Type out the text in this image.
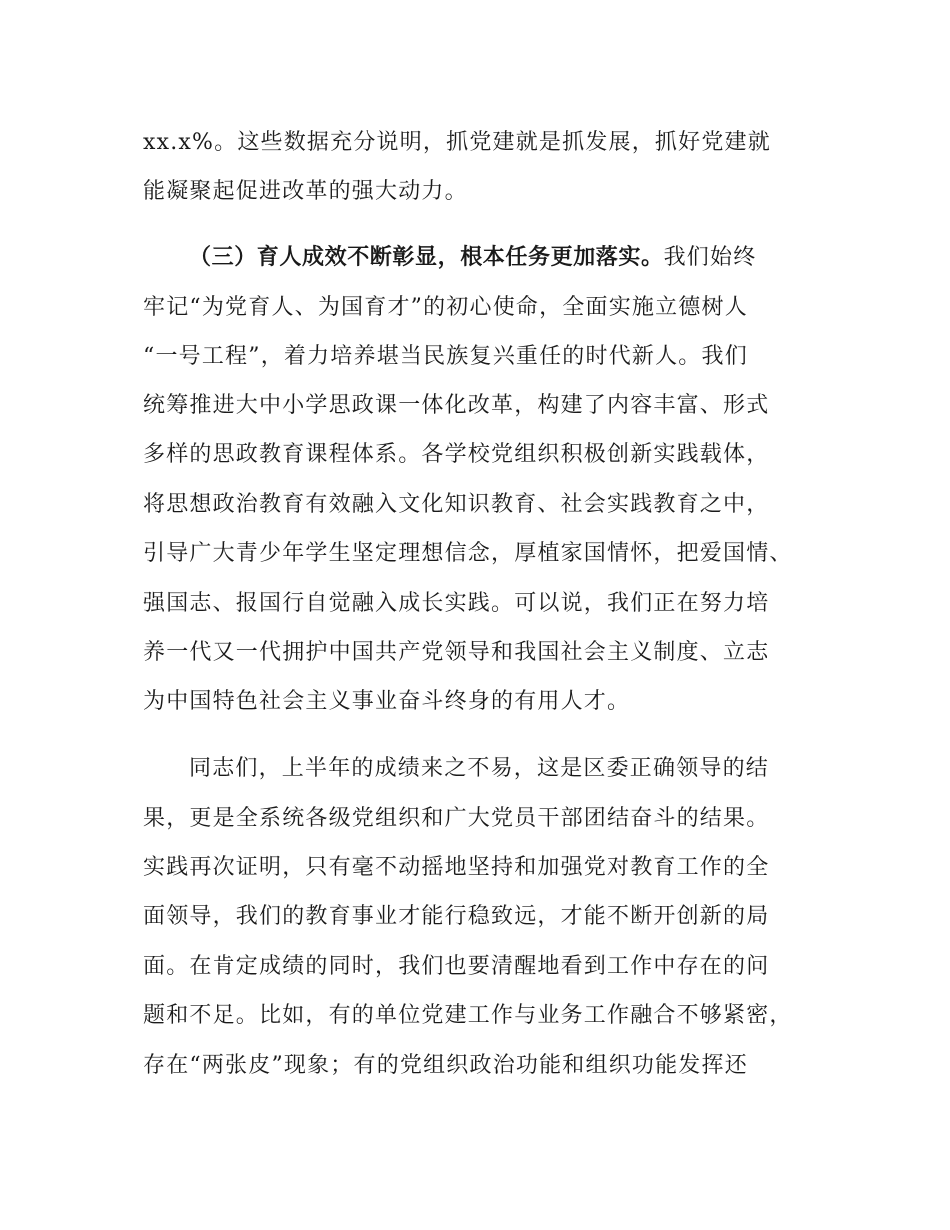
xx.x%。这些数据充分说明，抓党建就是抓发展，抓好党建就
能凝聚起促进改革的强大动力。
（三）育人成效不断彰显，根本任务更加落实。我们始终
牢记“为党育人、为国育才”的初心使命，全面实施立德树人
“一号工程”，着力培养堪当民族复兴重任的时代新人。我们
统筹推进大中小学思政课一体化改革，构建了内容丰富、形式
多样的思政教育课程体系。各学校党组织积极创新实践载体，
将思想政治教育有效融入文化知识教育、社会实践教育之中，
引导广大青少年学生坚定理想信念，厚植家国情怀，把爱国情、
强国志、报国行自觉融入成长实践。可以说，我们正在努力培
养一代又一代拥护中国共产党领导和我国社会主义制度、立志
为中国特色社会主义事业奋斗终身的有用人才。
同志们，上半年的成绩来之不易，这是区委正确领导的结
果，更是全系统各级党组织和广大党员干部团结奋斗的结果。
实践再次证明，只有毫不动摇地坚持和加强党对教育工作的全
面领导，我们的教育事业才能行稳致远，才能不断开创新的局
面。在肯定成绩的同时，我们也要清醒地看到工作中存在的问
题和不足。比如，有的单位党建工作与业务工作融合不够紧密，
存在“两张皮”现象；有的党组织政治功能和组织功能发挥还
